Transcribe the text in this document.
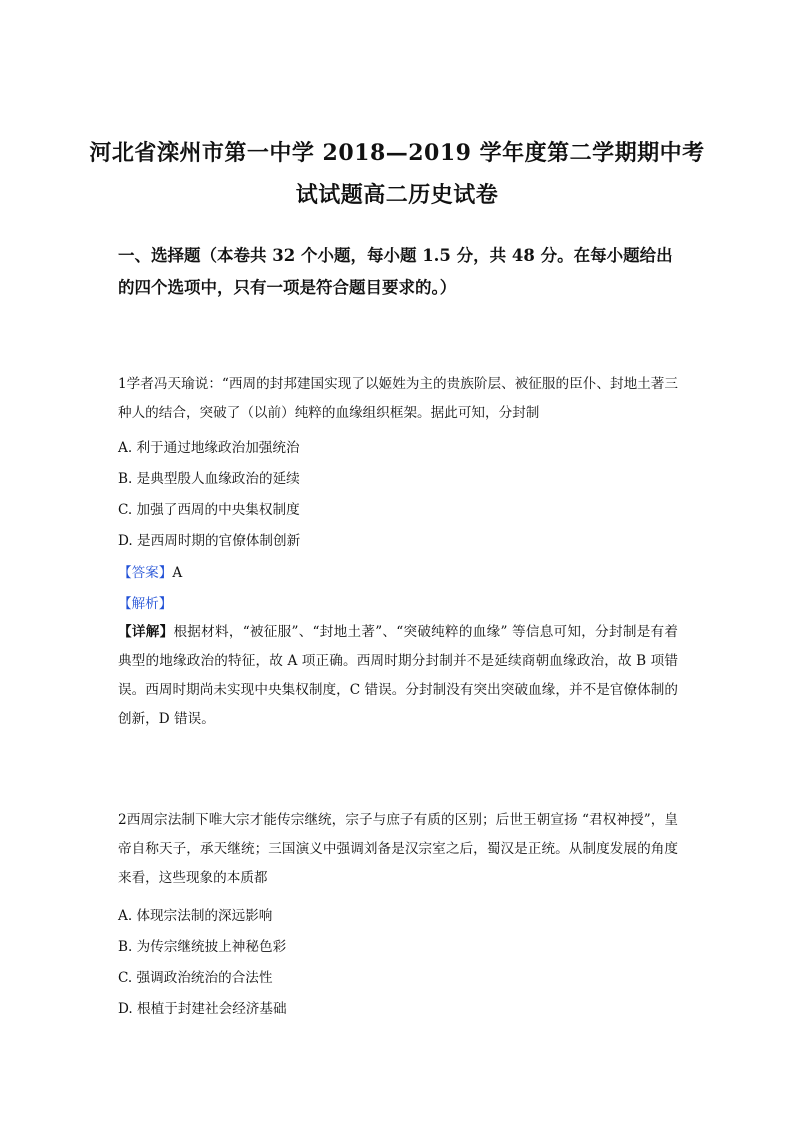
河北省滦州市第一中学 2018—2019 学年度第二学期期中考
试试题高二历史试卷
一、选择题（本卷共 32 个小题，每小题 1.5 分，共 48 分。在每小题给出的四个选项中，只有一项是符合题目要求的。）
1学者冯天瑜说：“西周的封邦建国实现了以姬姓为主的贵族阶层、被征服的臣仆、封地土著三种人的结合，突破了（以前）纯粹的血缘组织框架。据此可知，分封制
A. 利于通过地缘政治加强统治
B. 是典型殷人血缘政治的延续
C. 加强了西周的中央集权制度
D. 是西周时期的官僚体制创新
【答案】A
【解析】
【详解】根据材料，“被征服”、“封地土著”、“突破纯粹的血缘” 等信息可知，分封制是有着典型的地缘政治的特征，故 A 项正确。西周时期分封制并不是延续商朝血缘政治，故 B 项错误。西周时期尚未实现中央集权制度，C 错误。分封制没有突出突破血缘，并不是官僚体制的创新，D 错误。
2西周宗法制下唯大宗才能传宗继统，宗子与庶子有质的区别；后世王朝宣扬 “君权神授”，皇帝自称天子，承天继统；三国演义中强调刘备是汉宗室之后，蜀汉是正统。从制度发展的角度来看，这些现象的本质都
A. 体现宗法制的深远影响
B. 为传宗继统披上神秘色彩
C. 强调政治统治的合法性
D. 根植于封建社会经济基础
